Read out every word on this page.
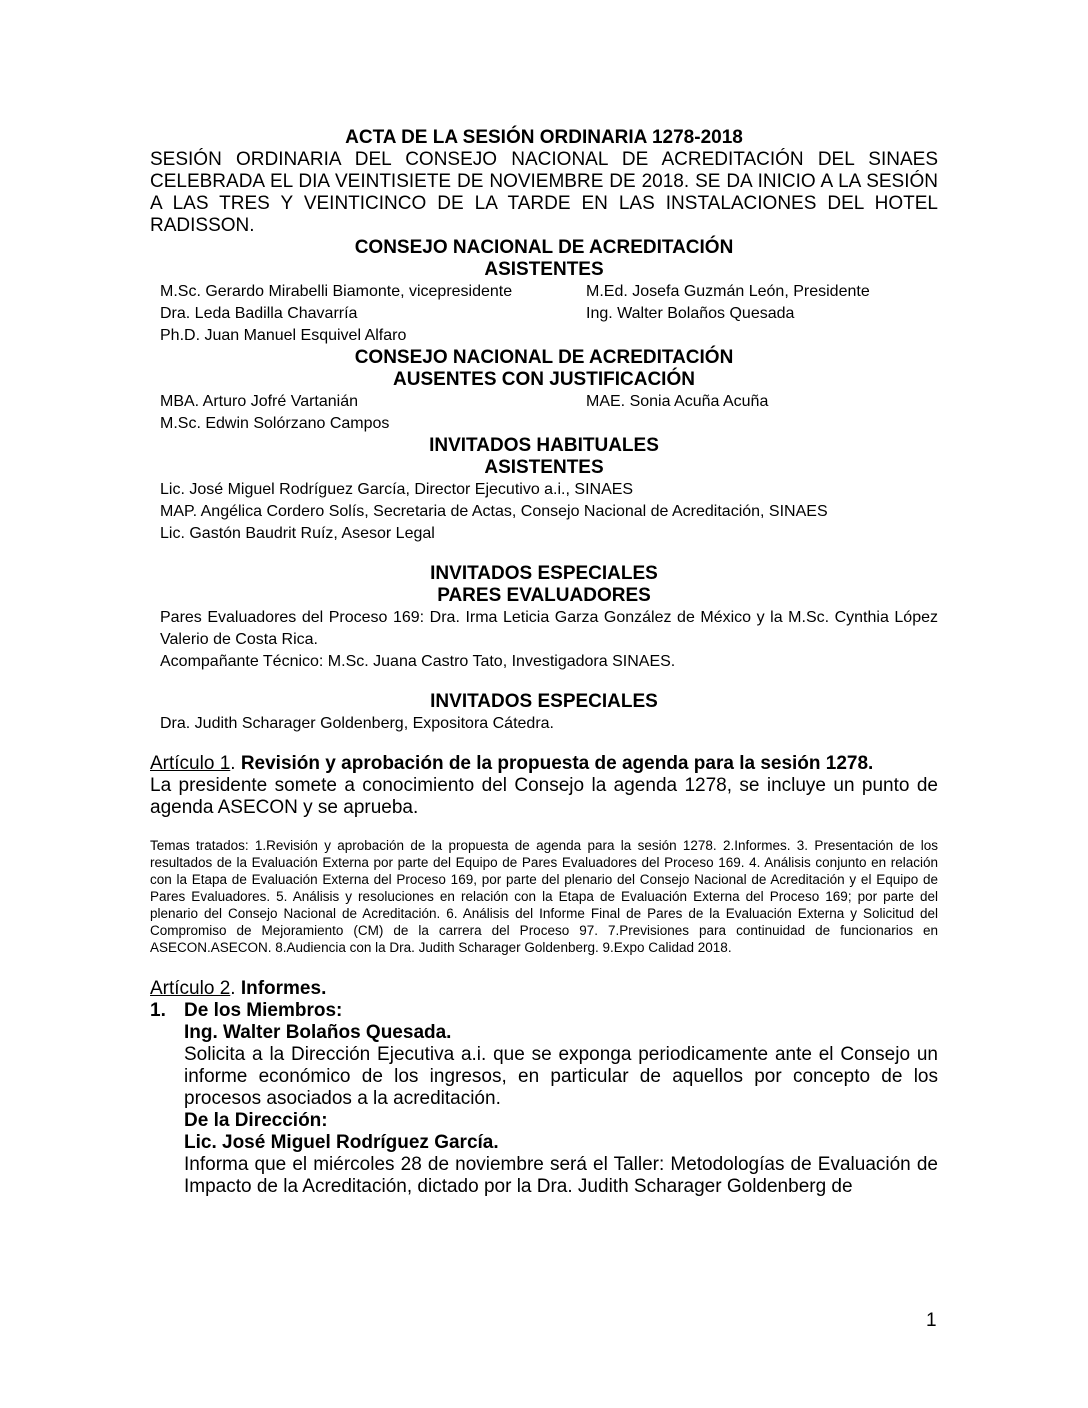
ACTA DE LA SESIÓN ORDINARIA 1278-2018

SESIÓN ORDINARIA DEL CONSEJO NACIONAL DE ACREDITACIÓN DEL SINAES CELEBRADA EL DIA VEINTISIETE DE NOVIEMBRE DE 2018. SE DA INICIO A LA SESIÓN A LAS TRES Y VEINTICINCO DE LA TARDE EN LAS INSTALACIONES DEL HOTEL RADISSON.

CONSEJO NACIONAL DE ACREDITACIÓN

ASISTENTES

M.Sc. Gerardo Mirabelli Biamonte, vicepresidente	M.Ed. Josefa Guzmán León, Presidente
Dra. Leda Badilla Chavarría	Ing. Walter Bolaños Quesada
Ph.D. Juan Manuel Esquivel Alfaro

CONSEJO NACIONAL DE ACREDITACIÓN

AUSENTES CON JUSTIFICACIÓN

MBA. Arturo Jofré Vartanián	MAE. Sonia Acuña Acuña
M.Sc. Edwin Solórzano Campos

INVITADOS HABITUALES

ASISTENTES

Lic. José Miguel Rodríguez García, Director Ejecutivo a.i., SINAES

MAP. Angélica Cordero Solís, Secretaria de Actas, Consejo Nacional de Acreditación, SINAES

Lic. Gastón Baudrit Ruíz, Asesor Legal

INVITADOS ESPECIALES

PARES EVALUADORES

Pares Evaluadores del Proceso 169: Dra. Irma Leticia Garza González de México y la M.Sc. Cynthia López Valerio de Costa Rica.

Acompañante Técnico: M.Sc. Juana Castro Tato, Investigadora SINAES.

INVITADOS ESPECIALES

Dra. Judith Scharager Goldenberg, Expositora Cátedra.

Artículo 1. Revisión y aprobación de la propuesta de agenda para la sesión 1278.

La presidente somete a conocimiento del Consejo la agenda 1278, se incluye un punto de agenda ASECON y se aprueba.

Temas tratados: 1.Revisión y aprobación de la propuesta de agenda para la sesión 1278. 2.Informes. 3. Presentación de los resultados de la Evaluación Externa por parte del Equipo de Pares Evaluadores del Proceso 169. 4. Análisis conjunto en relación con la Etapa de Evaluación Externa del Proceso 169, por parte del plenario del Consejo Nacional de Acreditación y el Equipo de Pares Evaluadores. 5. Análisis y resoluciones en relación con la Etapa de Evaluación Externa del Proceso 169; por parte del plenario del Consejo Nacional de Acreditación. 6. Análisis del Informe Final de Pares de la Evaluación Externa y Solicitud del Compromiso de Mejoramiento (CM) de la carrera del Proceso 97. 7.Previsiones para continuidad de funcionarios en ASECON.ASECON. 8.Audiencia con la Dra. Judith Scharager Goldenberg. 9.Expo Calidad 2018.

Artículo 2. Informes.

1. De los Miembros:

Ing. Walter Bolaños Quesada.

Solicita a la Dirección Ejecutiva a.i. que se exponga periodicamente ante el Consejo un informe económico de los ingresos, en particular de aquellos por concepto de los procesos asociados a la acreditación.

De la Dirección:

Lic. José Miguel Rodríguez García.

Informa que el miércoles 28 de noviembre será el Taller: Metodologías de Evaluación de Impacto de la Acreditación, dictado por la Dra. Judith Scharager Goldenberg de

1
